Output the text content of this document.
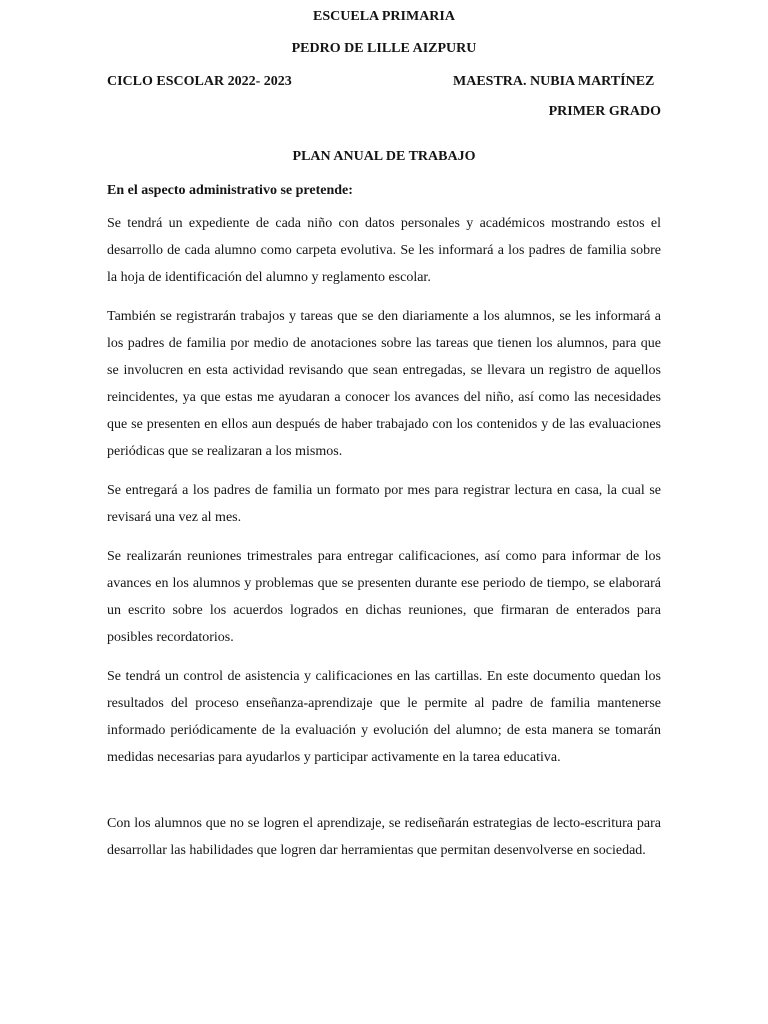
ESCUELA PRIMARIA
PEDRO DE LILLE AIZPURU
CICLO ESCOLAR 2022- 2023	MAESTRA. NUBIA MARTÍNEZ
PRIMER GRADO
PLAN ANUAL DE TRABAJO
En el aspecto administrativo se pretende:

Se tendrá un expediente de cada niño con datos personales y académicos mostrando estos el desarrollo de cada alumno como carpeta evolutiva. Se les informará a los padres de familia sobre la hoja de identificación del alumno y reglamento escolar.

También se registrarán trabajos y tareas que se den diariamente a los alumnos, se les informará a los padres de familia por medio de anotaciones sobre las tareas que tienen los alumnos, para que se involucren en esta actividad revisando que sean entregadas, se llevara un registro de aquellos reincidentes, ya que estas me ayudaran a conocer los avances del niño, así como las necesidades que se presenten en ellos aun después de haber trabajado con los contenidos y de las evaluaciones periódicas que se realizaran a los mismos.

Se entregará a los padres de familia un formato por mes para registrar lectura en casa, la cual se revisará una vez al mes.

Se realizarán reuniones trimestrales para entregar calificaciones, así como para informar de los avances en los alumnos y problemas que se presenten durante ese periodo de tiempo, se elaborará un escrito sobre los acuerdos logrados en dichas reuniones, que firmaran de enterados para posibles recordatorios.

Se tendrá un control de asistencia y calificaciones en las cartillas. En este documento quedan los resultados del proceso enseñanza-aprendizaje que le permite al padre de familia mantenerse informado periódicamente de la evaluación y evolución del alumno; de esta manera se tomarán medidas necesarias para ayudarlos y participar activamente en la tarea educativa.

Con los alumnos que no se logren el aprendizaje, se rediseñarán estrategias de lecto-escritura para desarrollar las habilidades que logren dar herramientas que permitan desenvolverse en sociedad.
